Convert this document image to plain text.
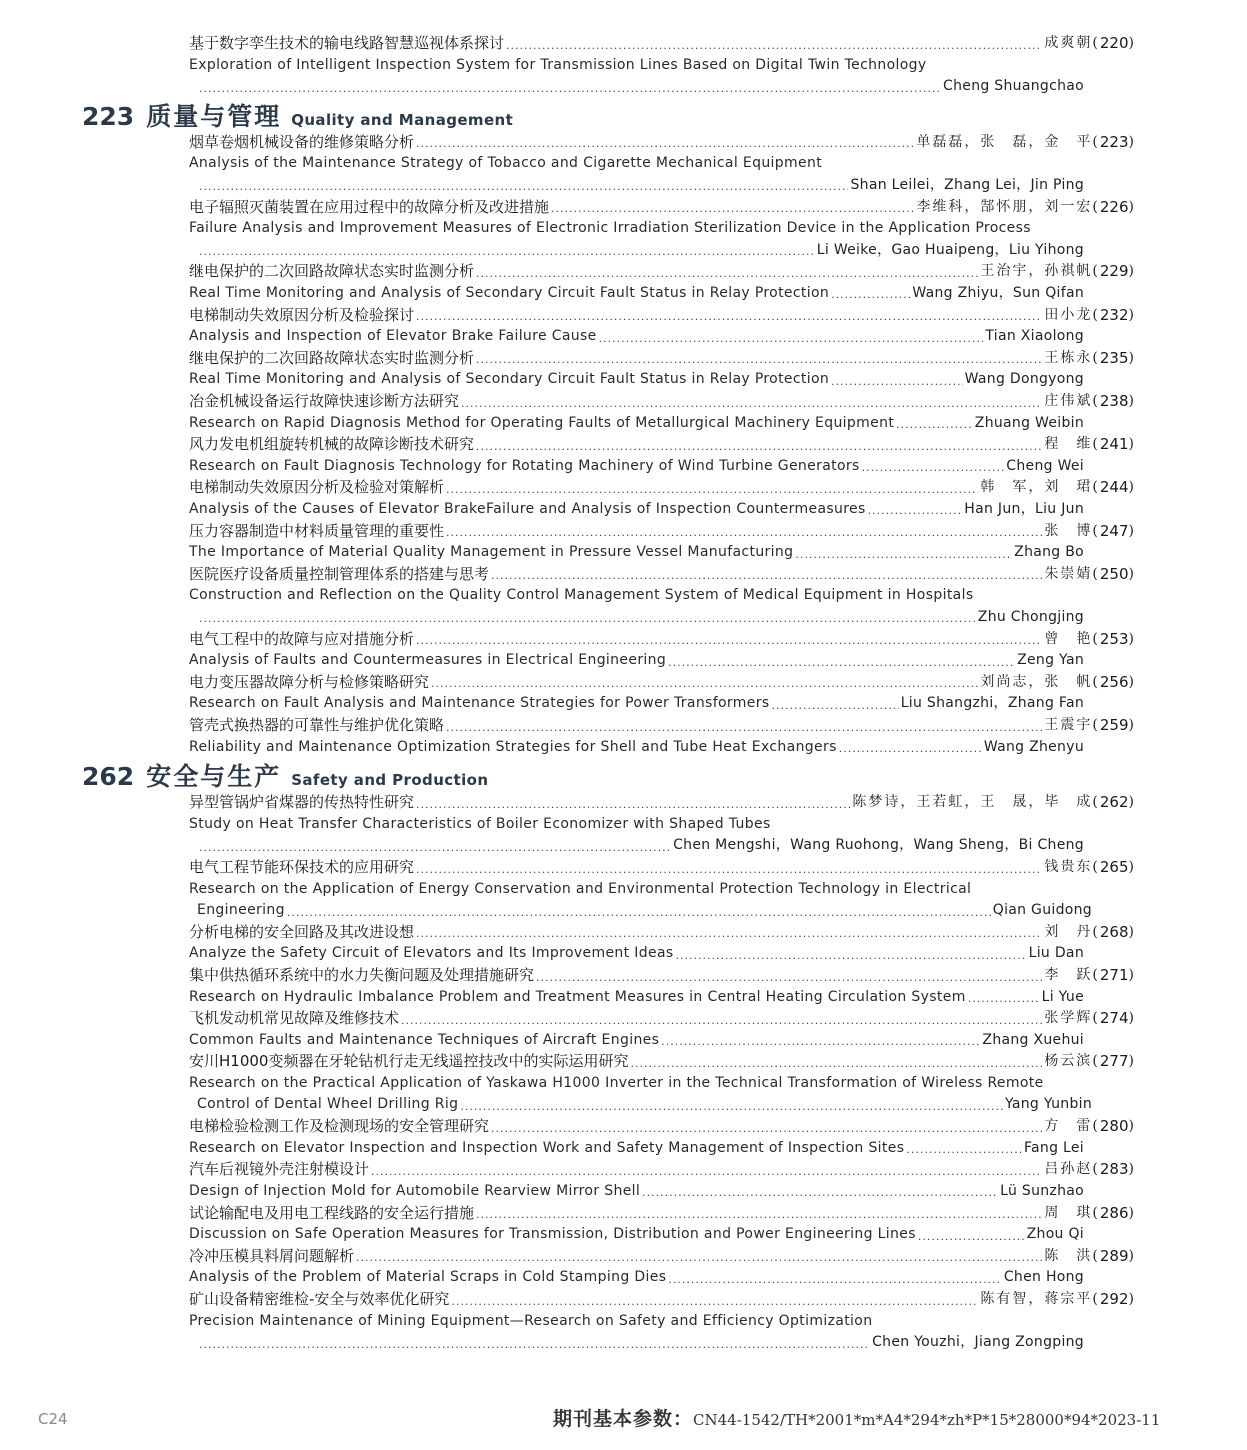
基于数字孪生技术的输电线路智慧巡视体系探讨 .....	成爽朝 ( 220 )
Exploration of Intelligent Inspection System for Transmission Lines Based on Digital Twin Technology
.....
Cheng Shuangchao
223 质量与管理 Quality and Management
烟草卷烟机械设备的维修策略分析 .....	单磊磊，张　磊，金　平 ( 223 )
Analysis of the Maintenance Strategy of Tobacco and Cigarette Mechanical Equipment
.....
Shan Leilei，Zhang Lei，Jin Ping
电子辐照灭菌装置在应用过程中的故障分析及改进措施 .....	李维科，郜怀朋，刘一宏 ( 226 )
Failure Analysis and Improvement Measures of Electronic Irradiation Sterilization Device in the Application Process
.....
Li Weike，Gao Huaipeng，Liu Yihong
继电保护的二次回路故障状态实时监测分析 .....	王治宇，孙祺帆 ( 229 )
Real Time Monitoring and Analysis of Secondary Circuit Fault Status in Relay Protection .....	Wang Zhiyu，Sun Qifan
电梯制动失效原因分析及检验探讨 .....	田小龙 ( 232 )
Analysis and Inspection of Elevator Brake Failure Cause .....	Tian Xiaolong
继电保护的二次回路故障状态实时监测分析 .....	王栋永 ( 235 )
Real Time Monitoring and Analysis of Secondary Circuit Fault Status in Relay Protection .....	Wang Dongyong
冶金机械设备运行故障快速诊断方法研究 .....	庄伟斌 ( 238 )
Research on Rapid Diagnosis Method for Operating Faults of Metallurgical Machinery Equipment .....	Zhuang Weibin
风力发电机组旋转机械的故障诊断技术研究 .....	程　维 ( 241 )
Research on Fault Diagnosis Technology for Rotating Machinery of Wind Turbine Generators .....	Cheng Wei
电梯制动失效原因分析及检验对策解析 .....	韩　军，刘　珺 ( 244 )
Analysis of the Causes of Elevator BrakeFailure and Analysis of Inspection Countermeasures .....	Han Jun，Liu Jun
压力容器制造中材料质量管理的重要性 .....	张　博 ( 247 )
The Importance of Material Quality Management in Pressure Vessel Manufacturing .....	Zhang Bo
医院医疗设备质量控制管理体系的搭建与思考 .....	朱崇婧 ( 250 )
Construction and Reflection on the Quality Control Management System of Medical Equipment in Hospitals
.....
Zhu Chongjing
电气工程中的故障与应对措施分析 .....	曾　艳 ( 253 )
Analysis of Faults and Countermeasures in Electrical Engineering .....	Zeng Yan
电力变压器故障分析与检修策略研究 .....	刘尚志，张　帆 ( 256 )
Research on Fault Analysis and Maintenance Strategies for Power Transformers .....	Liu Shangzhi，Zhang Fan
管壳式换热器的可靠性与维护优化策略 .....	王震宇 ( 259 )
Reliability and Maintenance Optimization Strategies for Shell and Tube Heat Exchangers .....	Wang Zhenyu
262 安全与生产 Safety and Production
异型管锅炉省煤器的传热特性研究 .....	陈梦诗，王若虹，王　晟，毕　成 ( 262 )
Study on Heat Transfer Characteristics of Boiler Economizer with Shaped Tubes
.....
Chen Mengshi，Wang Ruohong，Wang Sheng，Bi Cheng
电气工程节能环保技术的应用研究 .....	钱贵东 ( 265 )
Research on the Application of Energy Conservation and Environmental Protection Technology in Electrical
Engineering .....	Qian Guidong
分析电梯的安全回路及其改进设想 .....	刘　丹 ( 268 )
Analyze the Safety Circuit of Elevators and Its Improvement Ideas .....	Liu Dan
集中供热循环系统中的水力失衡问题及处理措施研究 .....	李　跃 ( 271 )
Research on Hydraulic Imbalance Problem and Treatment Measures in Central Heating Circulation System .....	Li Yue
飞机发动机常见故障及维修技术 .....	张学辉 ( 274 )
Common Faults and Maintenance Techniques of Aircraft Engines .....	Zhang Xuehui
安川H1000变频器在牙轮钻机行走无线遥控技改中的实际运用研究 .....	杨云滨 ( 277 )
Research on the Practical Application of Yaskawa H1000 Inverter in the Technical Transformation of Wireless Remote
Control of Dental Wheel Drilling Rig .....	Yang Yunbin
电梯检验检测工作及检测现场的安全管理研究 .....	方　雷 ( 280 )
Research on Elevator Inspection and Inspection Work and Safety Management of Inspection Sites .....	Fang Lei
汽车后视镜外壳注射模设计 .....	吕孙赵 ( 283 )
Design of Injection Mold for Automobile Rearview Mirror Shell .....	Lü Sunzhao
试论输配电及用电工程线路的安全运行措施 .....	周　琪 ( 286 )
Discussion on Safe Operation Measures for Transmission, Distribution and Power Engineering Lines .....	Zhou Qi
冷冲压模具料屑问题解析 .....	陈　洪 ( 289 )
Analysis of the Problem of Material Scraps in Cold Stamping Dies .....	Chen Hong
矿山设备精密维检-安全与效率优化研究 .....	陈有智，蒋宗平 ( 292 )
Precision Maintenance of Mining Equipment—Research on Safety and Efficiency Optimization
.....
Chen Youzhi，Jiang Zongping
C24	期刊基本参数：CN44-1542/TH*2001*m*A4*294*zh*P*15*28000*94*2023-11
